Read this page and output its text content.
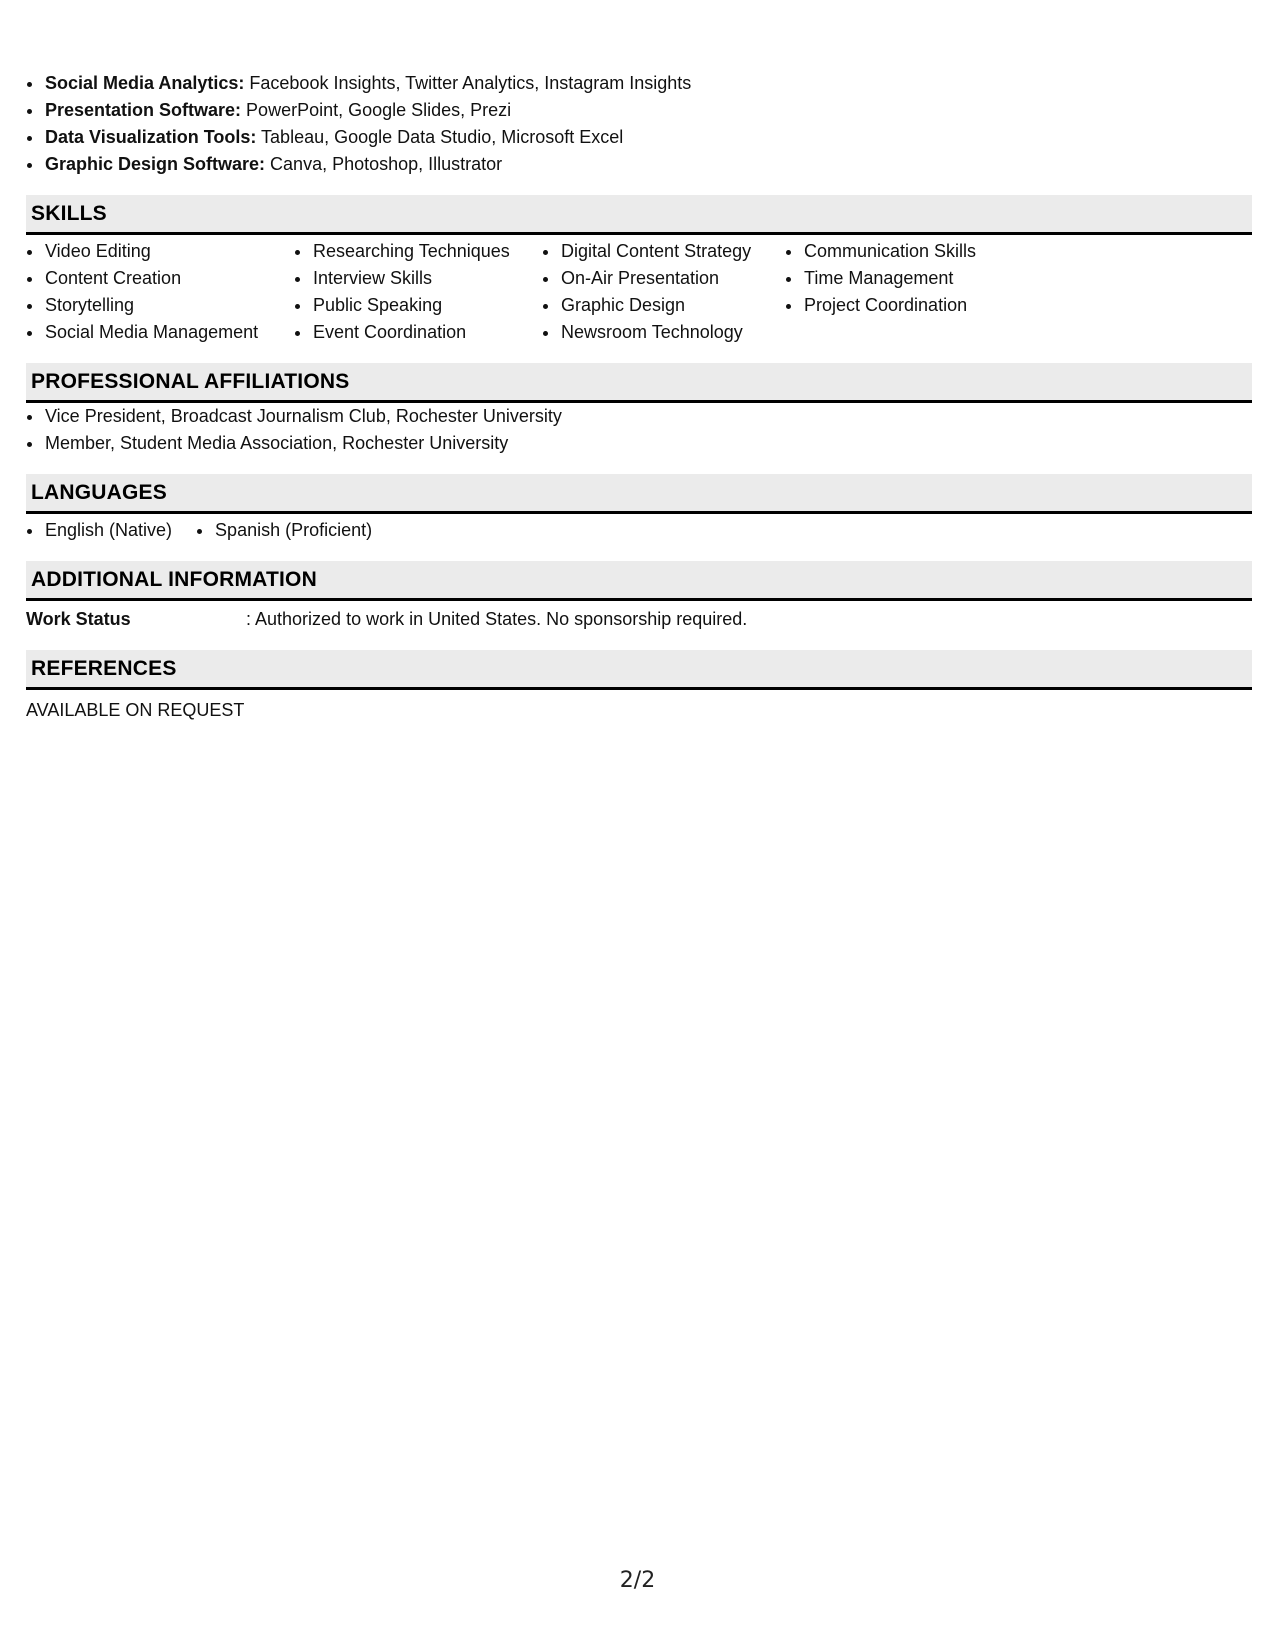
• Social Media Analytics: Facebook Insights, Twitter Analytics, Instagram Insights
• Presentation Software: PowerPoint, Google Slides, Prezi
• Data Visualization Tools: Tableau, Google Data Studio, Microsoft Excel
• Graphic Design Software: Canva, Photoshop, Illustrator
SKILLS
• Video Editing
• Content Creation
• Storytelling
• Social Media Management
• Researching Techniques
• Interview Skills
• Public Speaking
• Event Coordination
• Digital Content Strategy
• On-Air Presentation
• Graphic Design
• Newsroom Technology
• Communication Skills
• Time Management
• Project Coordination
PROFESSIONAL AFFILIATIONS
• Vice President, Broadcast Journalism Club, Rochester University
• Member, Student Media Association, Rochester University
LANGUAGES
• English (Native)
• Spanish (Proficient)
ADDITIONAL INFORMATION
Work Status	: Authorized to work in United States. No sponsorship required.
REFERENCES
AVAILABLE ON REQUEST
2/2
